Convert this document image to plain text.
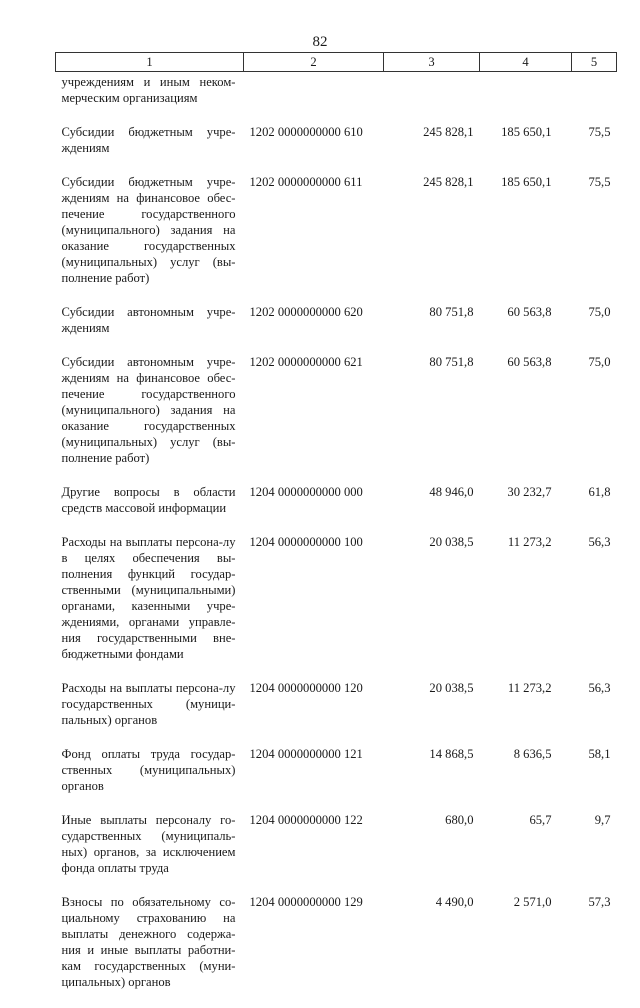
82
1	2	3	4	5
учреждениям и иным неком-мерческим организациям				
Субсидии бюджетным учре-ждениям	1202 0000000000 610	245 828,1	185 650,1	75,5
Субсидии бюджетным учре-ждениям на финансовое обес-печение государственного (муниципального) задания на оказание государственных (муниципальных) услуг (вы-полнение работ)	1202 0000000000 611	245 828,1	185 650,1	75,5
Субсидии автономным учре-ждениям	1202 0000000000 620	80 751,8	60 563,8	75,0
Субсидии автономным учре-ждениям на финансовое обес-печение государственного (муниципального) задания на оказание государственных (муниципальных) услуг (вы-полнение работ)	1202 0000000000 621	80 751,8	60 563,8	75,0
Другие вопросы в области средств массовой информации	1204 0000000000 000	48 946,0	30 232,7	61,8
Расходы на выплаты персона-лу в целях обеспечения вы-полнения функций государ-ственными (муниципальными) органами, казенными учре-ждениями, органами управле-ния государственными вне-бюджетными фондами	1204 0000000000 100	20 038,5	11 273,2	56,3
Расходы на выплаты персона-лу государственных (муници-пальных) органов	1204 0000000000 120	20 038,5	11 273,2	56,3
Фонд оплаты труда государ-ственных (муниципальных) органов	1204 0000000000 121	14 868,5	8 636,5	58,1
Иные выплаты персоналу го-сударственных (муниципаль-ных) органов, за исключением фонда оплаты труда	1204 0000000000 122	680,0	65,7	9,7
Взносы по обязательному со-циальному страхованию на выплаты денежного содержа-ния и иные выплаты работни-кам государственных (муни-ципальных) органов	1204 0000000000 129	4 490,0	2 571,0	57,3
